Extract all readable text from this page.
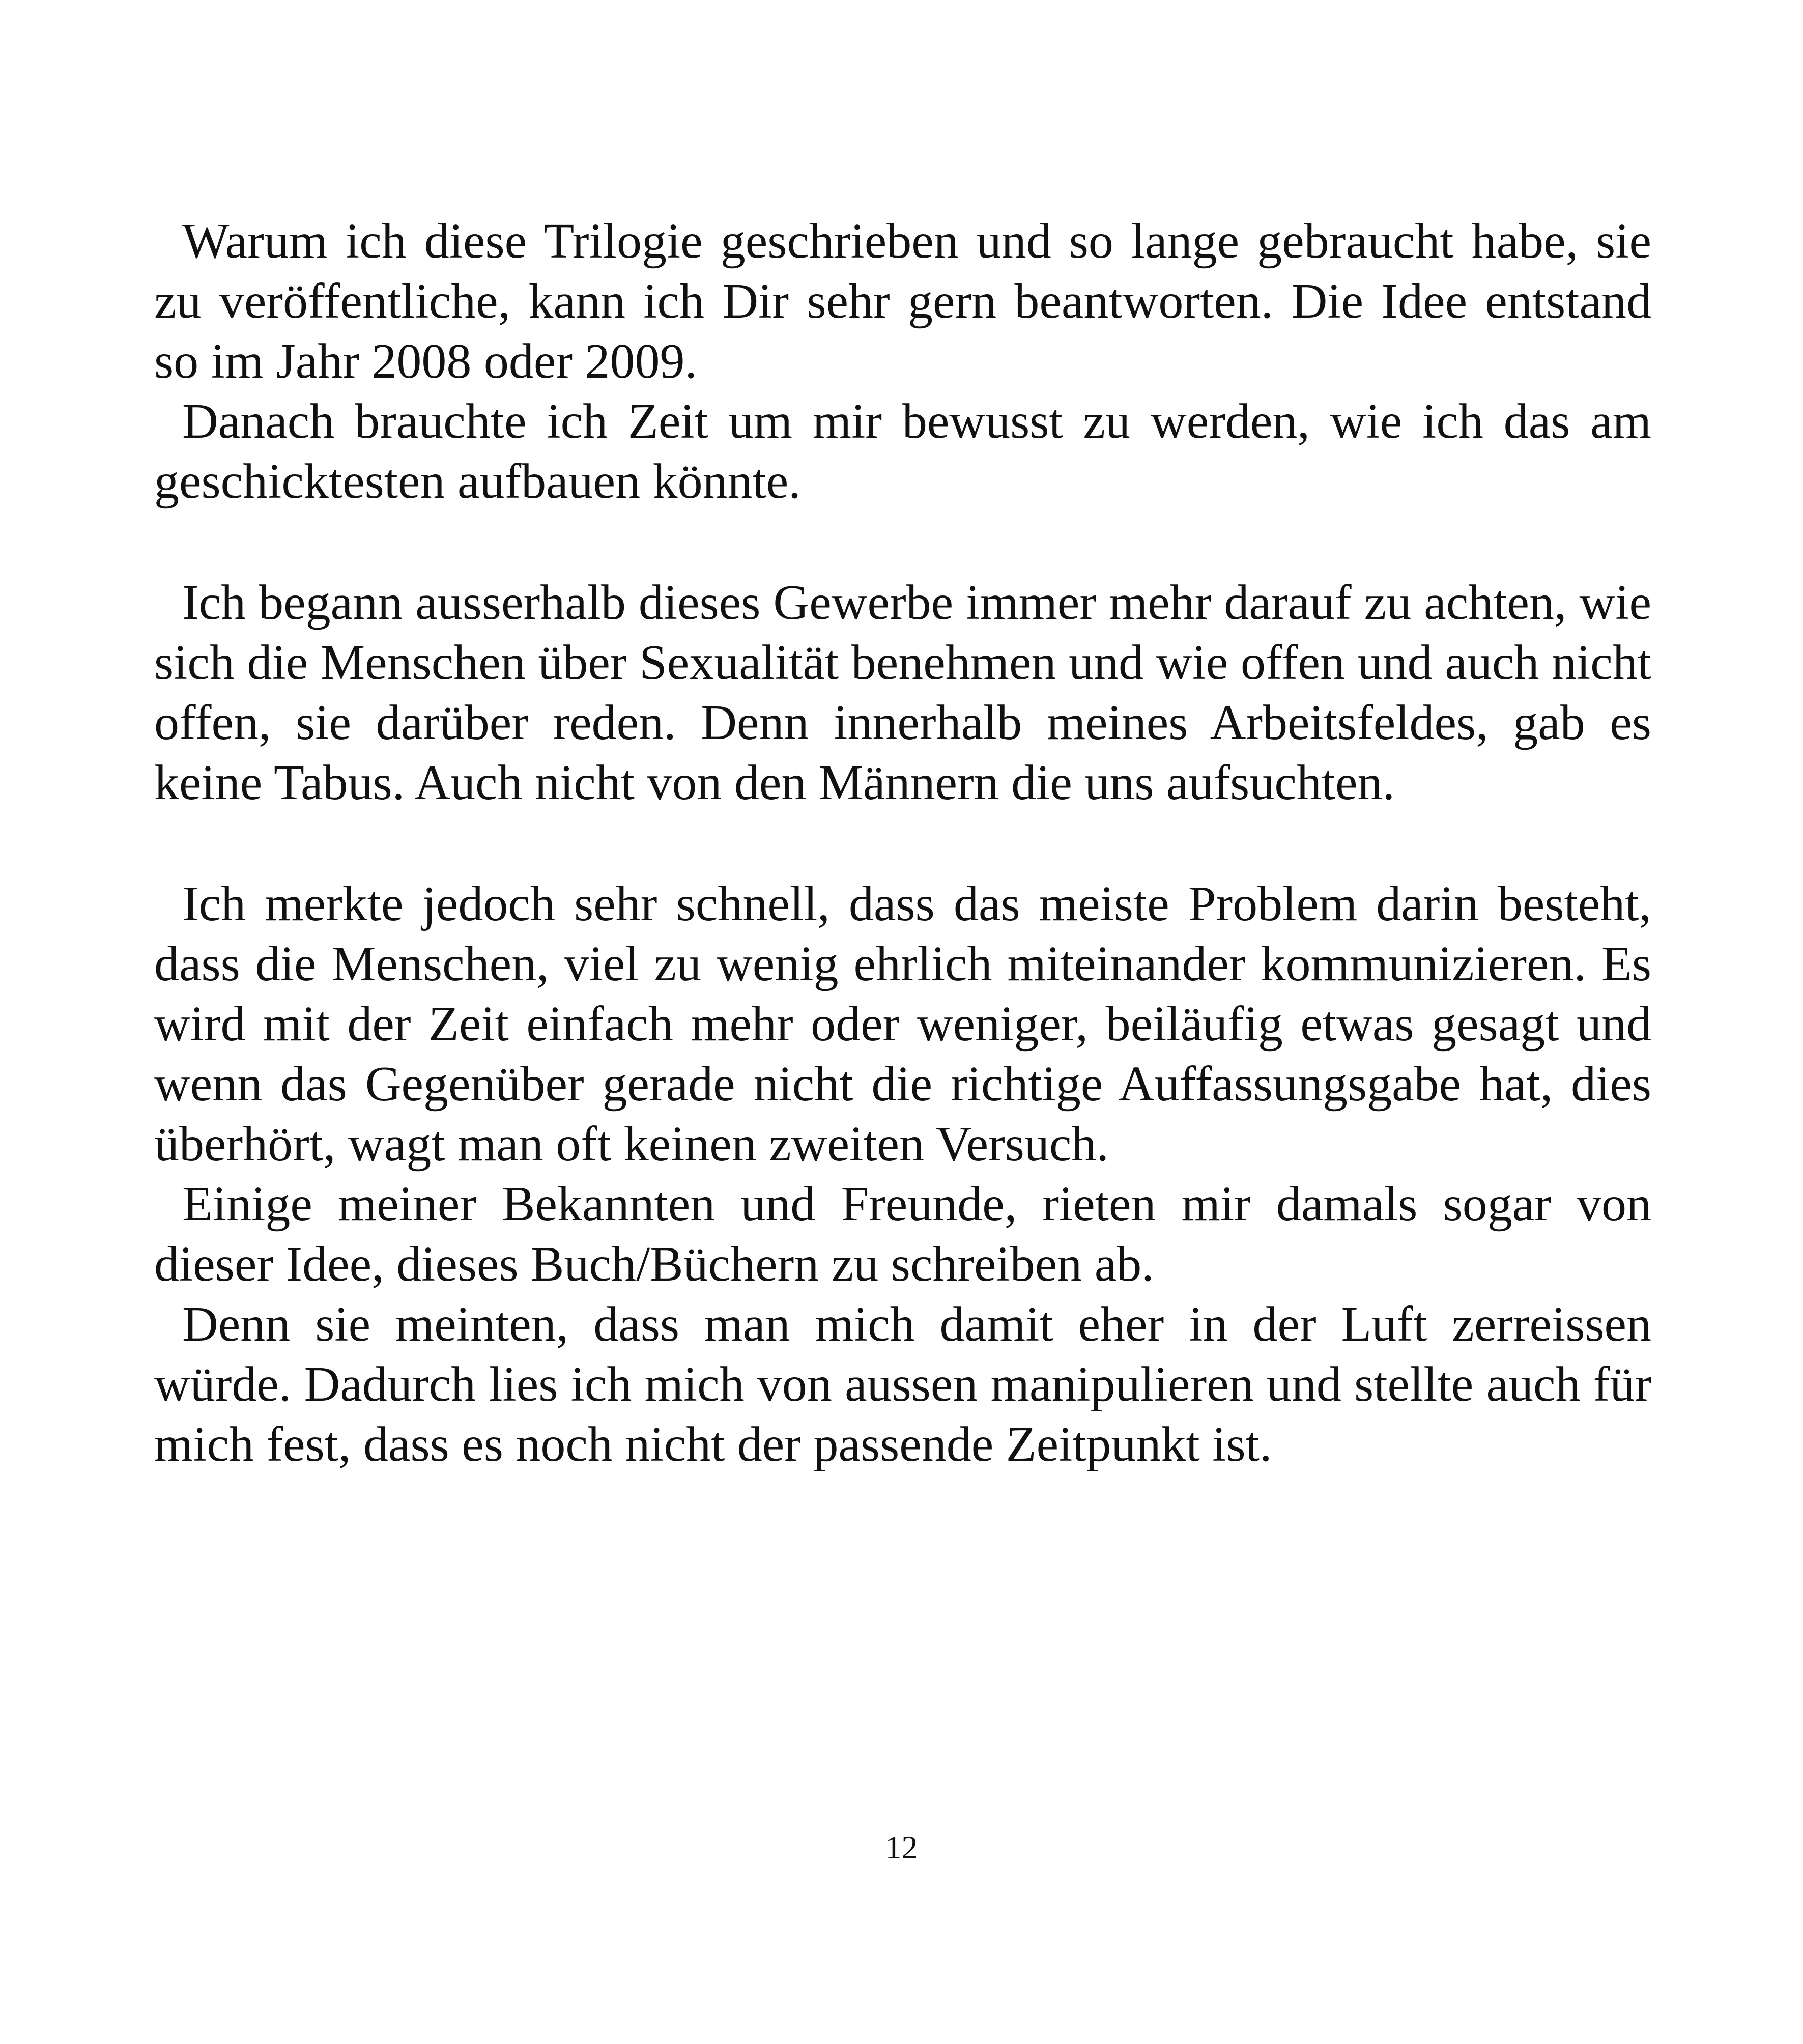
Warum ich diese Trilogie geschrieben und so lange gebraucht habe, sie zu veröffentliche, kann ich Dir sehr gern beantworten. Die Idee entstand so im Jahr 2008 oder 2009.

Danach brauchte ich Zeit um mir bewusst zu werden, wie ich das am geschicktesten aufbauen könnte.

Ich begann ausserhalb dieses Gewerbe immer mehr darauf zu achten, wie sich die Menschen über Sexualität benehmen und wie offen und auch nicht offen, sie darüber reden. Denn innerhalb meines Arbeitsfeldes, gab es keine Tabus. Auch nicht von den Männern die uns aufsuchten.

Ich merkte jedoch sehr schnell, dass das meiste Problem darin besteht, dass die Menschen, viel zu wenig ehrlich miteinander kommunizieren. Es wird mit der Zeit einfach mehr oder weniger, beiläufig etwas gesagt und wenn das Gegenüber gerade nicht die richtige Auffassungsgabe hat, dies überhört, wagt man oft keinen zweiten Versuch.

Einige meiner Bekannten und Freunde, rieten mir damals sogar von dieser Idee, dieses Buch/Büchern zu schreiben ab.

Denn sie meinten, dass man mich damit eher in der Luft zerreissen würde. Dadurch lies ich mich von aussen manipulieren und stellte auch für mich fest, dass es noch nicht der passende Zeitpunkt ist.

12
